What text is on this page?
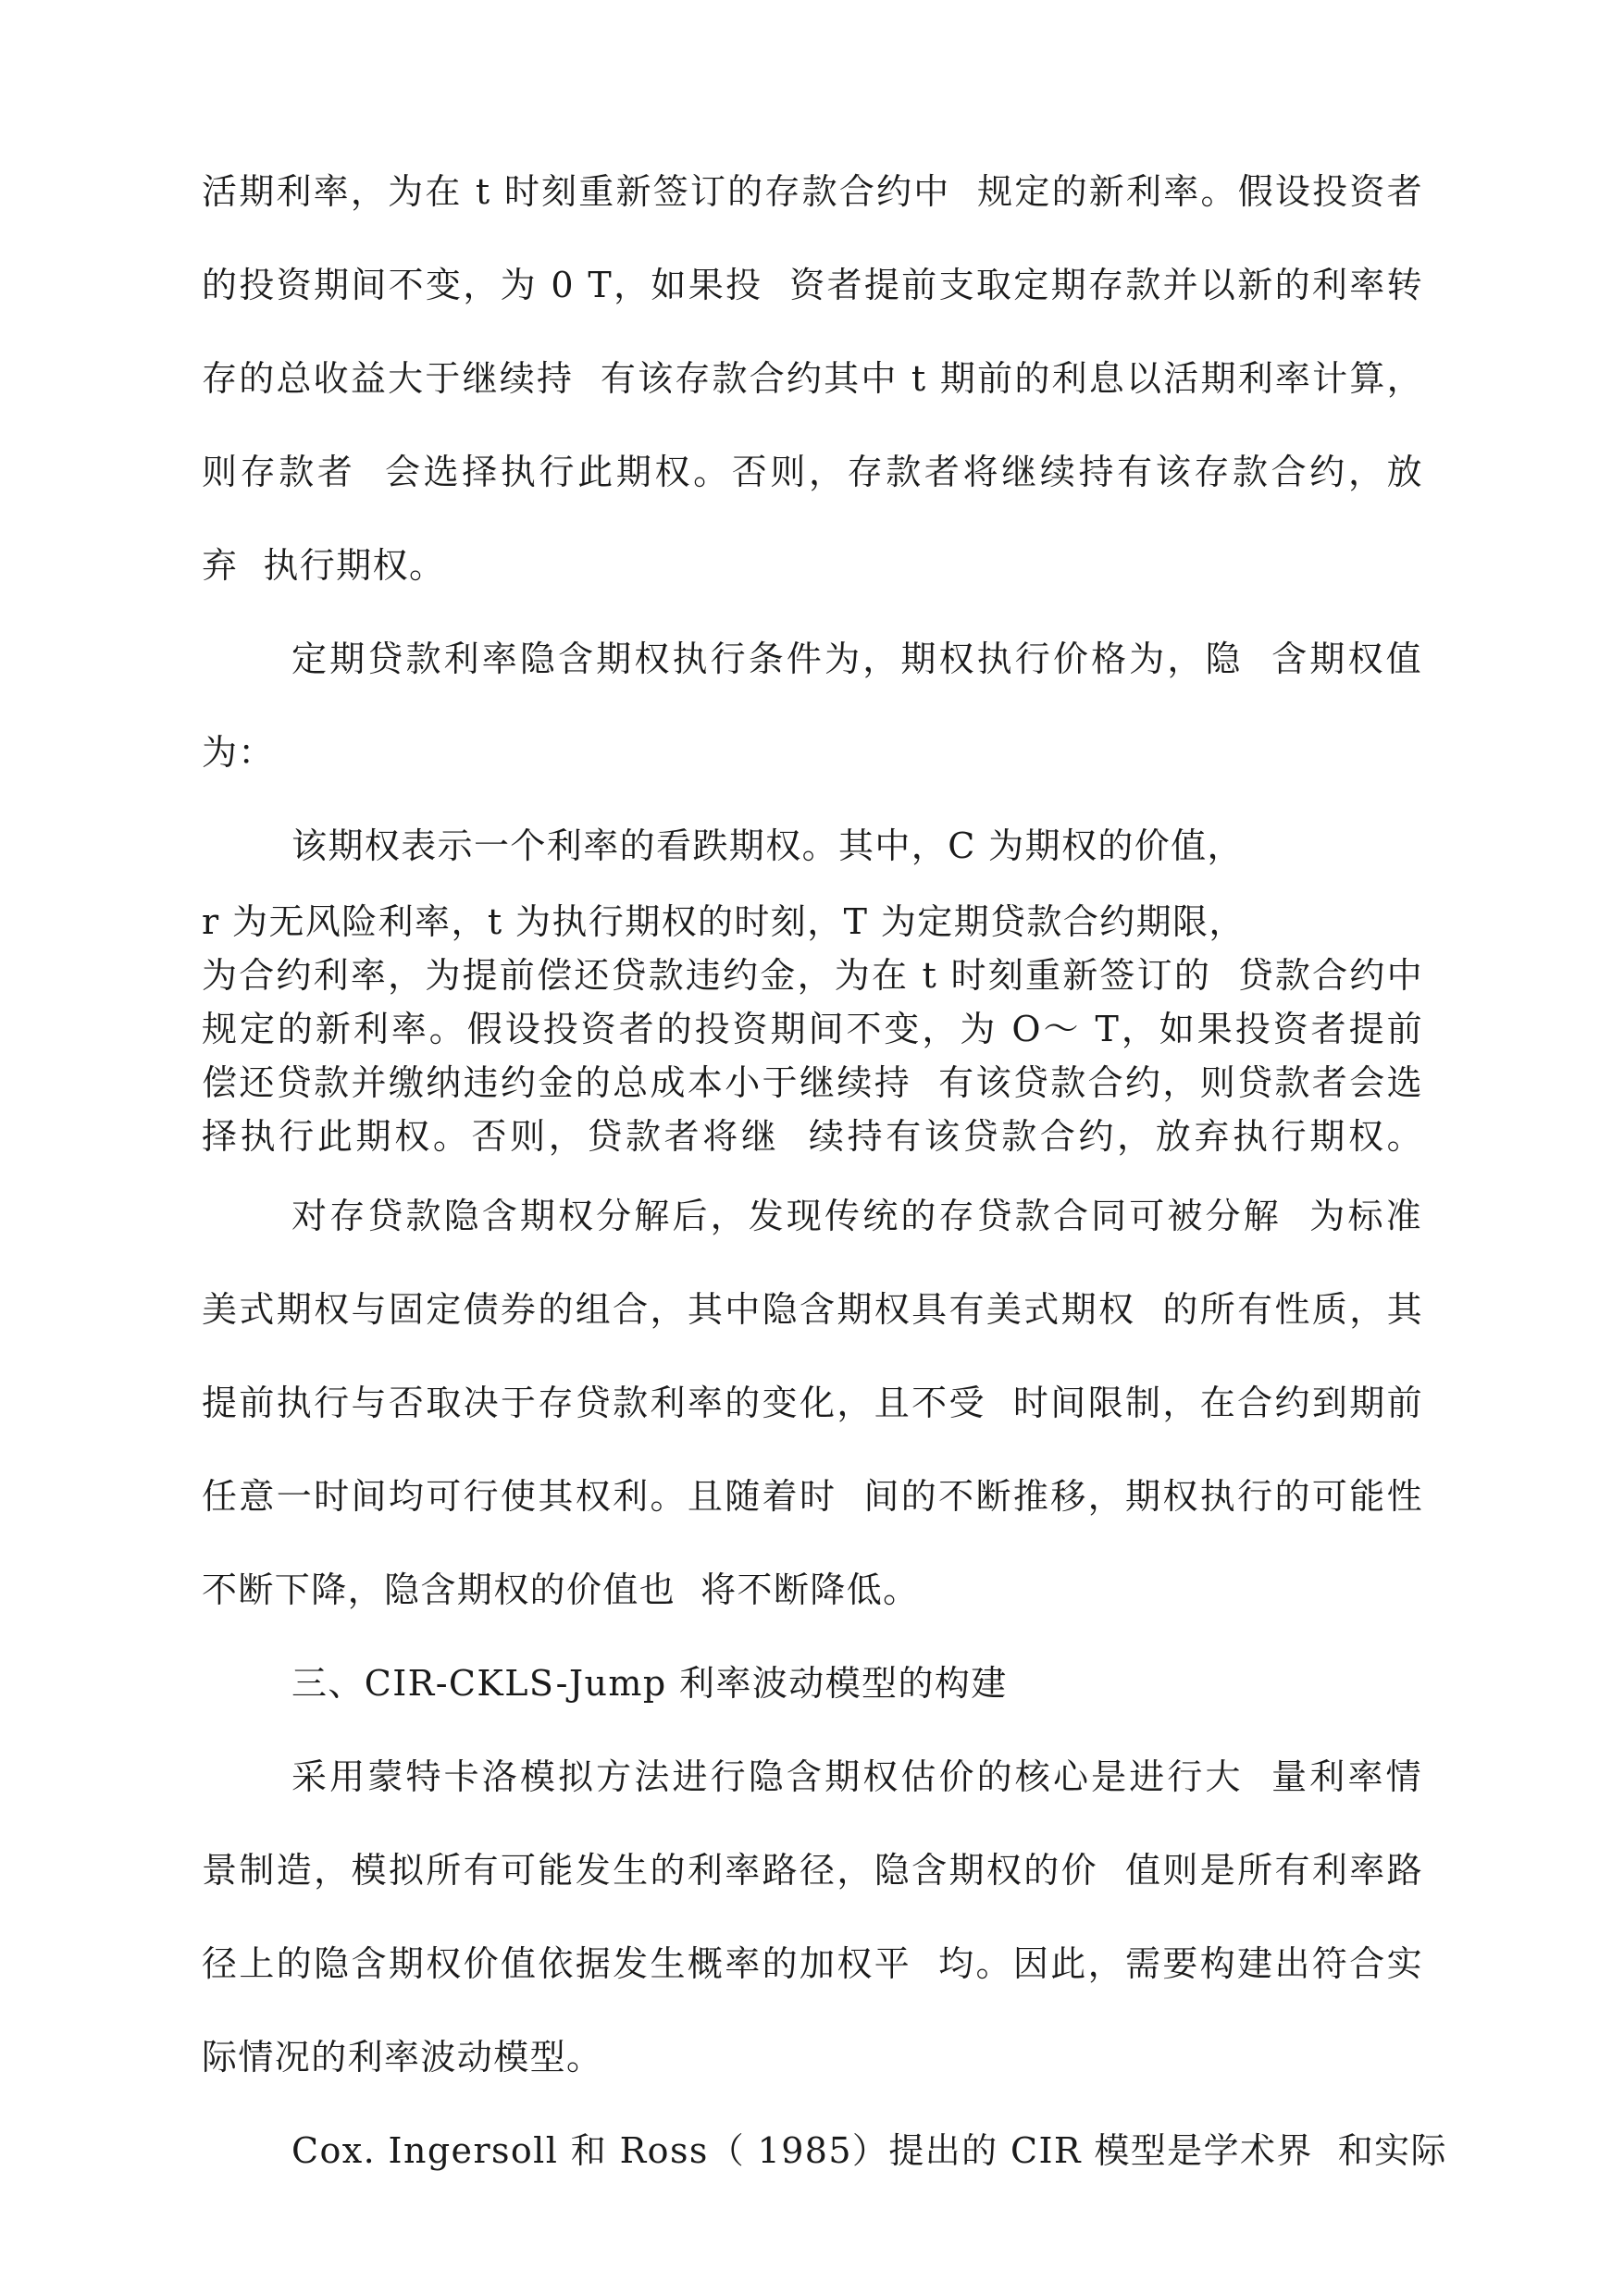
活期利率，为在 t 时刻重新签订的存款合约中  规定的新利率。假设投资者
的投资期间不变，为 0 T，如果投  资者提前支取定期存款并以新的利率转
存的总收益大于继续持  有该存款合约其中 t 期前的利息以活期利率计算，
则存款者  会选择执行此期权。否则，存款者将继续持有该存款合约，放
弃  执行期权。
定期贷款利率隐含期权执行条件为，期权执行价格为，隐  含期权值
为：
该期权表示一个利率的看跌期权。其中，C 为期权的价值，
r 为无风险利率，t 为执行期权的时刻，T 为定期贷款合约期限，
为合约利率，为提前偿还贷款违约金，为在 t 时刻重新签订的  贷款合约中
规定的新利率。假设投资者的投资期间不变，为 O〜 T，如果投资者提前
偿还贷款并缴纳违约金的总成本小于继续持  有该贷款合约，则贷款者会选
择执行此期权。否则，贷款者将继  续持有该贷款合约，放弃执行期权。
对存贷款隐含期权分解后，发现传统的存贷款合同可被分解  为标准
美式期权与固定债券的组合，其中隐含期权具有美式期权  的所有性质，其
提前执行与否取决于存贷款利率的变化，且不受  时间限制，在合约到期前
任意一时间均可行使其权利。且随着时  间的不断推移，期权执行的可能性
不断下降，隐含期权的价值也  将不断降低。
三、CIR-CKLS-Jump 利率波动模型的构建
采用蒙特卡洛模拟方法进行隐含期权估价的核心是进行大  量利率情
景制造，模拟所有可能发生的利率路径，隐含期权的价  值则是所有利率路
径上的隐含期权价值依据发生概率的加权平  均。因此，需要构建出符合实
际情况的利率波动模型。
Cox. Ingersoll 和 Ross（ 1985）提出的 CIR 模型是学术界  和实际
